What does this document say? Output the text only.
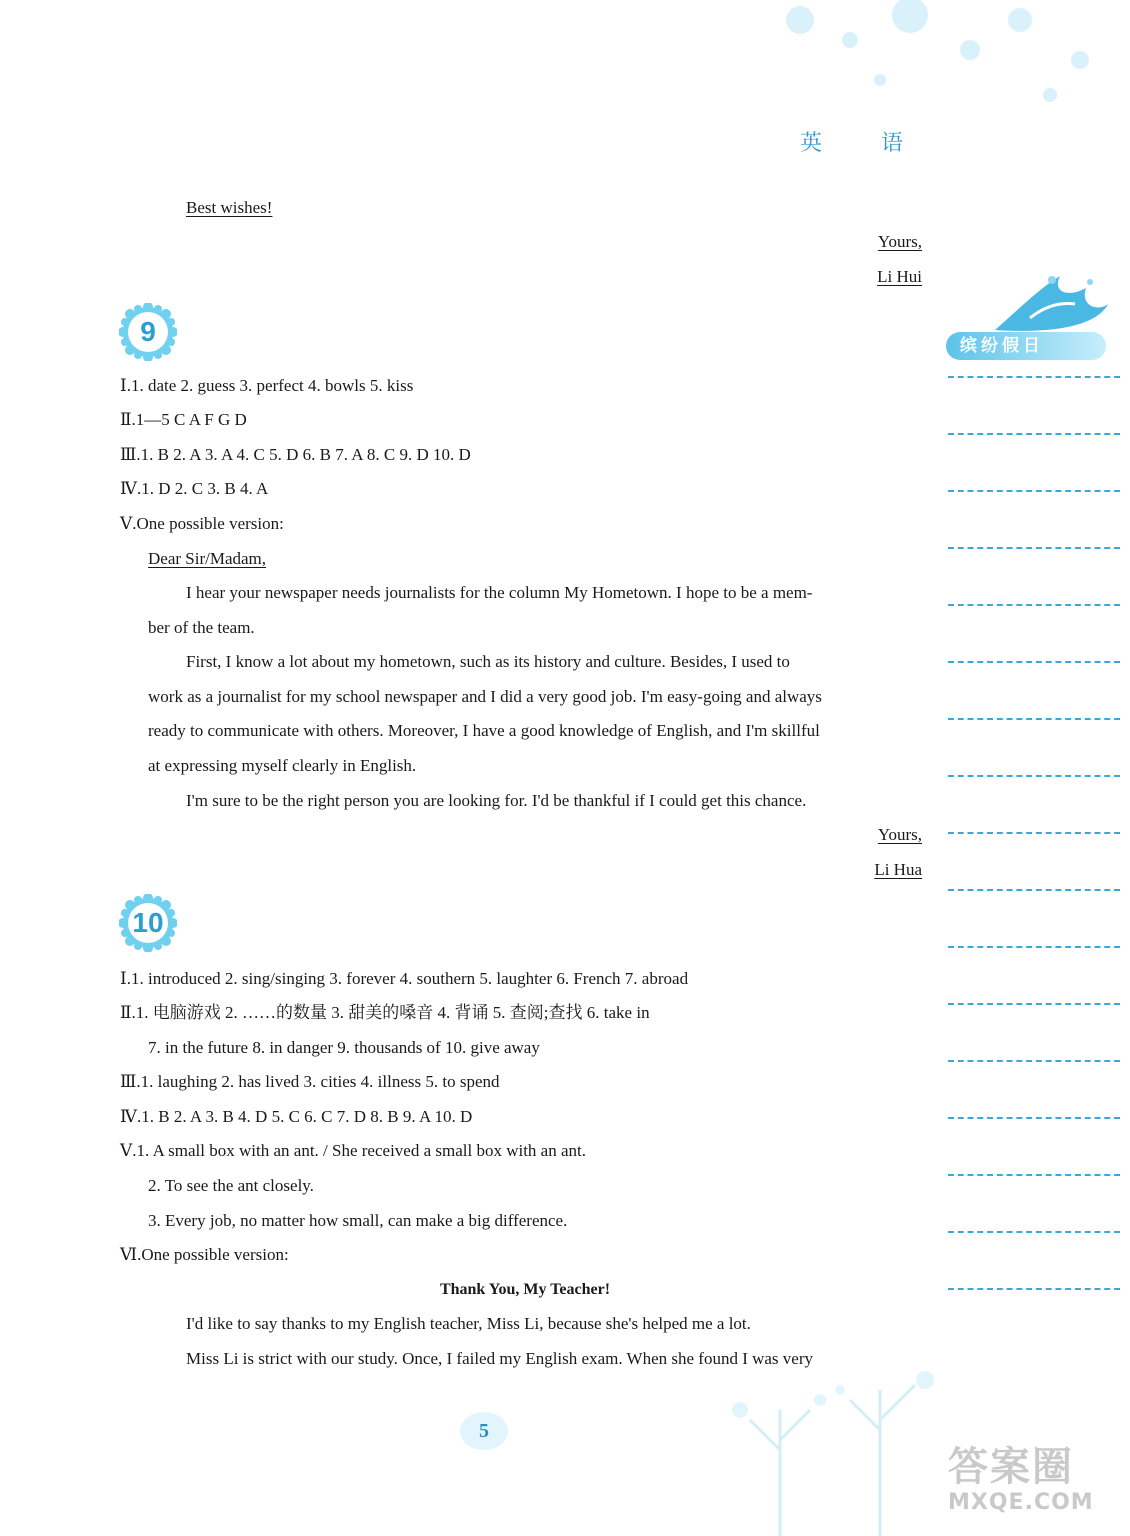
英 语
缤纷假日
Best wishes!
Yours,
Li Hui
9
Ⅰ.1. date 2. guess 3. perfect 4. bowls 5. kiss
Ⅱ.1—5 C A F G D
Ⅲ.1. B 2. A 3. A 4. C 5. D 6. B 7. A 8. C 9. D 10. D
Ⅳ.1. D 2. C 3. B 4. A
Ⅴ.One possible version:
Dear Sir/Madam,
I hear your newspaper needs journalists for the column My Hometown. I hope to be a mem-
ber of the team.
First, I know a lot about my hometown, such as its history and culture. Besides, I used to
work as a journalist for my school newspaper and I did a very good job. I'm easy-going and always
ready to communicate with others. Moreover, I have a good knowledge of English, and I'm skillful
at expressing myself clearly in English.
I'm sure to be the right person you are looking for. I'd be thankful if I could get this chance.
Yours,
Li Hua
10
Ⅰ.1. introduced 2. sing/singing 3. forever 4. southern 5. laughter 6. French 7. abroad
Ⅱ.1. 电脑游戏 2. ……的数量 3. 甜美的嗓音 4. 背诵 5. 查阅;查找 6. take in
7. in the future 8. in danger 9. thousands of 10. give away
Ⅲ.1. laughing 2. has lived 3. cities 4. illness 5. to spend
Ⅳ.1. B 2. A 3. B 4. D 5. C 6. C 7. D 8. B 9. A 10. D
Ⅴ.1. A small box with an ant. / She received a small box with an ant.
2. To see the ant closely.
3. Every job, no matter how small, can make a big difference.
Ⅵ.One possible version:
Thank You, My Teacher!
I'd like to say thanks to my English teacher, Miss Li, because she's helped me a lot.
Miss Li is strict with our study. Once, I failed my English exam. When she found I was very
5
答案圈
MXQE.COM
